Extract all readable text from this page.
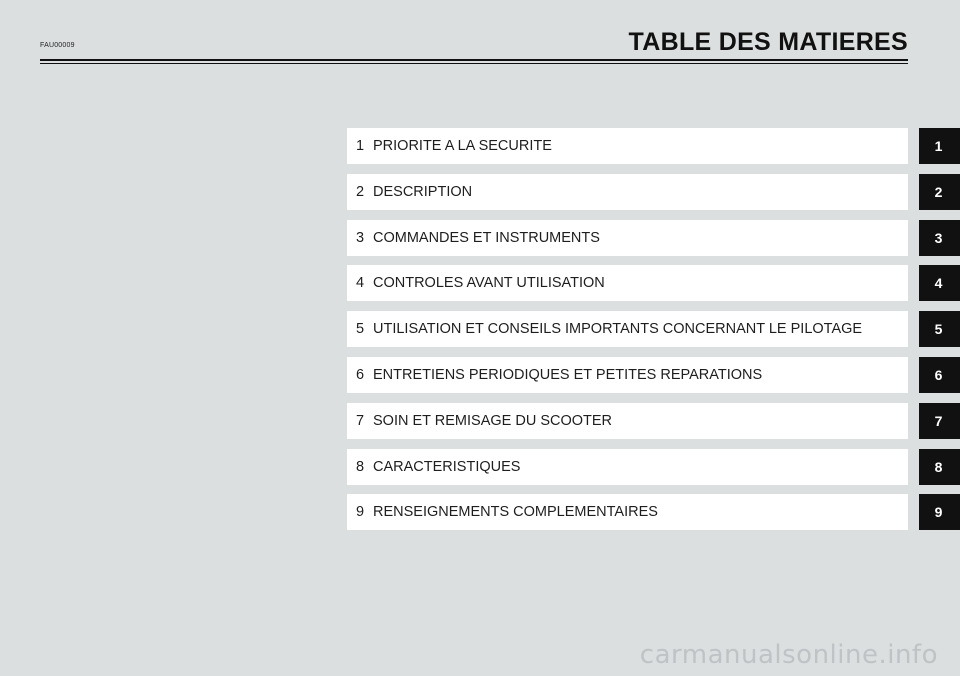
FAU00009	TABLE DES MATIERES
1 PRIORITE A LA SECURITE	1
2 DESCRIPTION	2
3 COMMANDES ET INSTRUMENTS	3
4 CONTROLES AVANT UTILISATION	4
5 UTILISATION ET CONSEILS IMPORTANTS CONCERNANT LE PILOTAGE	5
6 ENTRETIENS PERIODIQUES ET PETITES REPARATIONS	6
7 SOIN ET REMISAGE DU SCOOTER	7
8 CARACTERISTIQUES	8
9 RENSEIGNEMENTS COMPLEMENTAIRES	9
carmanualsonline.info
